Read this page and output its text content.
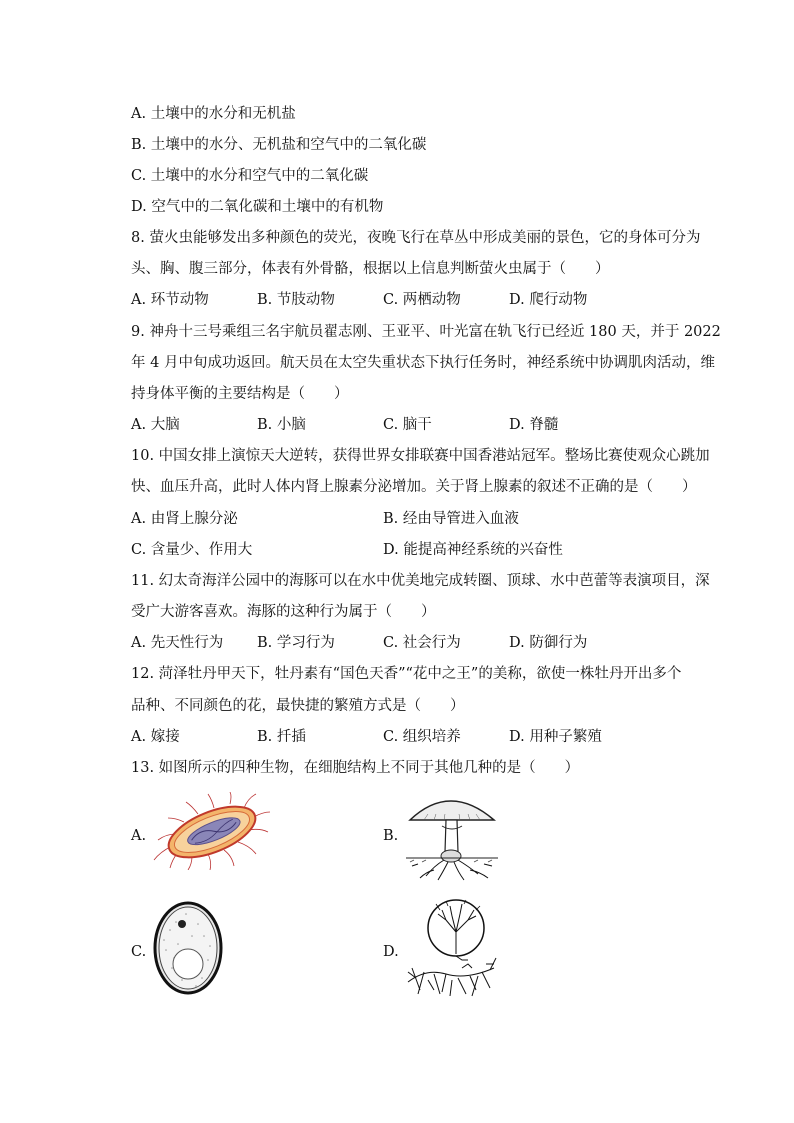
A. 土壤中的水分和无机盐
B. 土壤中的水分、无机盐和空气中的二氧化碳
C. 土壤中的水分和空气中的二氧化碳
D. 空气中的二氧化碳和土壤中的有机物
8. 萤火虫能够发出多种颜色的荧光，夜晚飞行在草丛中形成美丽的景色，它的身体可分为
头、胸、腹三部分，体表有外骨骼，根据以上信息判断萤火虫属于（　　）
A. 环节动物	B. 节肢动物	C. 两栖动物	D. 爬行动物
9. 神舟十三号乘组三名宇航员翟志刚、王亚平、叶光富在轨飞行已经近 180 天，并于 2022
年 4 月中旬成功返回。航天员在太空失重状态下执行任务时，神经系统中协调肌肉活动，维
持身体平衡的主要结构是（　　）
A. 大脑	B. 小脑	C. 脑干	D. 脊髓
10. 中国女排上演惊天大逆转，获得世界女排联赛中国香港站冠军。整场比赛使观众心跳加
快、血压升高，此时人体内肾上腺素分泌增加。关于肾上腺素的叙述不正确的是（　　）
A. 由肾上腺分泌	B. 经由导管进入血液
C. 含量少、作用大	D. 能提高神经系统的兴奋性
11. 幻太奇海洋公园中的海豚可以在水中优美地完成转圈、顶球、水中芭蕾等表演项目，深
受广大游客喜欢。海豚的这种行为属于（　　）
A. 先天性行为 B. 学习行为	C. 社会行为	D. 防御行为
12. 菏泽牡丹甲天下，牡丹素有“国色天香”“花中之王”的美称，欲使一株牡丹开出多个
品种、不同颜色的花，最快捷的繁殖方式是（　　）
A. 嫁接	B. 扦插	C. 组织培养	D. 用种子繁殖
13. 如图所示的四种生物，在细胞结构上不同于其他几种的是（　　）
A.	B.
C.	D.
